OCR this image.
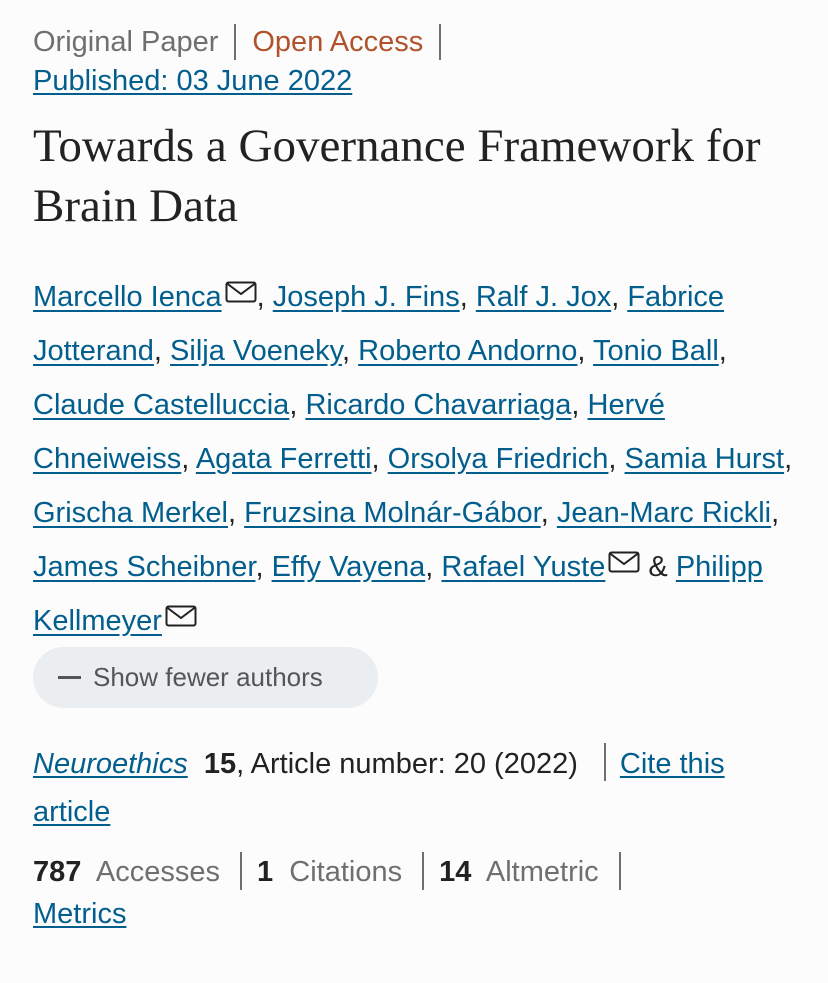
Original Paper Open Access
Published: 03 June 2022
Towards a Governance Framework for Brain Data
Marcello Ienca , Joseph J. Fins, Ralf J. Jox, Fabrice Jotterand, Silja Voeneky, Roberto Andorno, Tonio Ball, Claude Castelluccia, Ricardo Chavarriaga, Hervé Chneiweiss, Agata Ferretti, Orsolya Friedrich, Samia Hurst, Grischa Merkel, Fruzsina Molnár-Gábor, Jean-Marc Rickli, James Scheibner, Effy Vayena, Rafael Yuste & Philipp Kellmeyer
Show fewer authors
Neuroethics 15, Article number: 20 (2022) Cite this article
787 Accesses 1 Citations 14 Altmetric
Metrics
